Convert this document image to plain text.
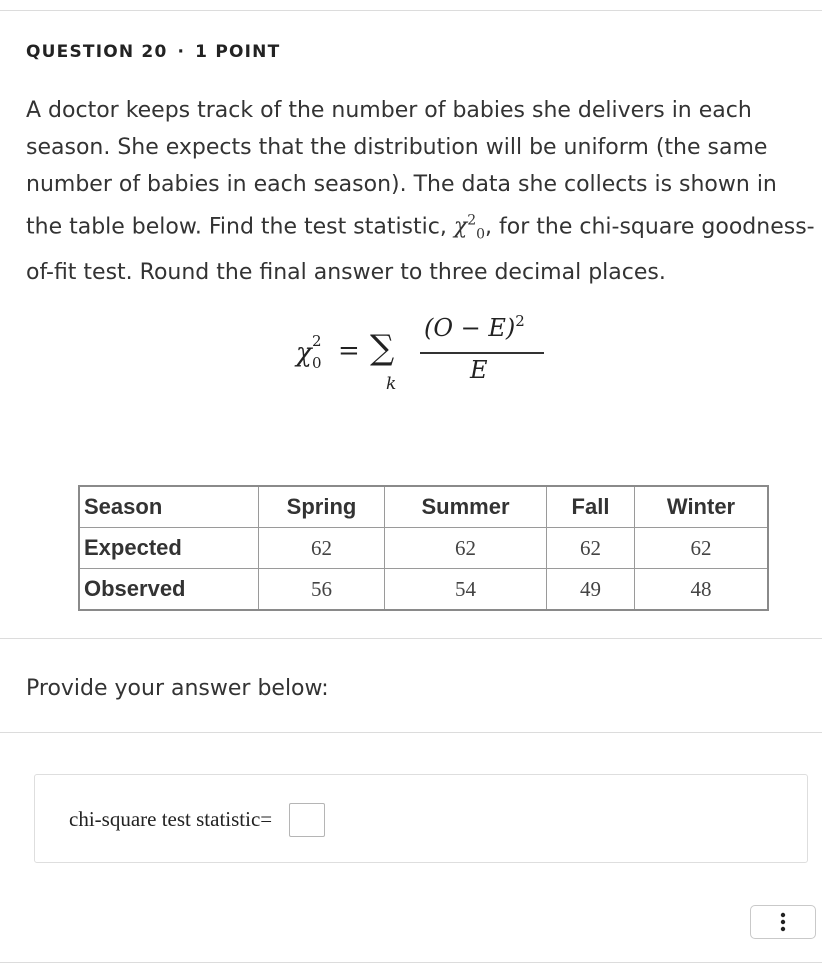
QUESTION 20 · 1 POINT
A doctor keeps track of the number of babies she delivers in each season. She expects that the distribution will be uniform (the same number of babies in each season). The data she collects is shown in the table below. Find the test statistic, $\chi^2_0$, for the chi-square goodness-of-fit test. Round the final answer to three decimal places.
χ 2
0 = ∑
k
$(O - E)^2$
E
Season	Spring	Summer	Fall	Winter
Expected	62	62	62	62
Observed	56	54	49	48
Provide your answer below:
chi-square test statistic=
